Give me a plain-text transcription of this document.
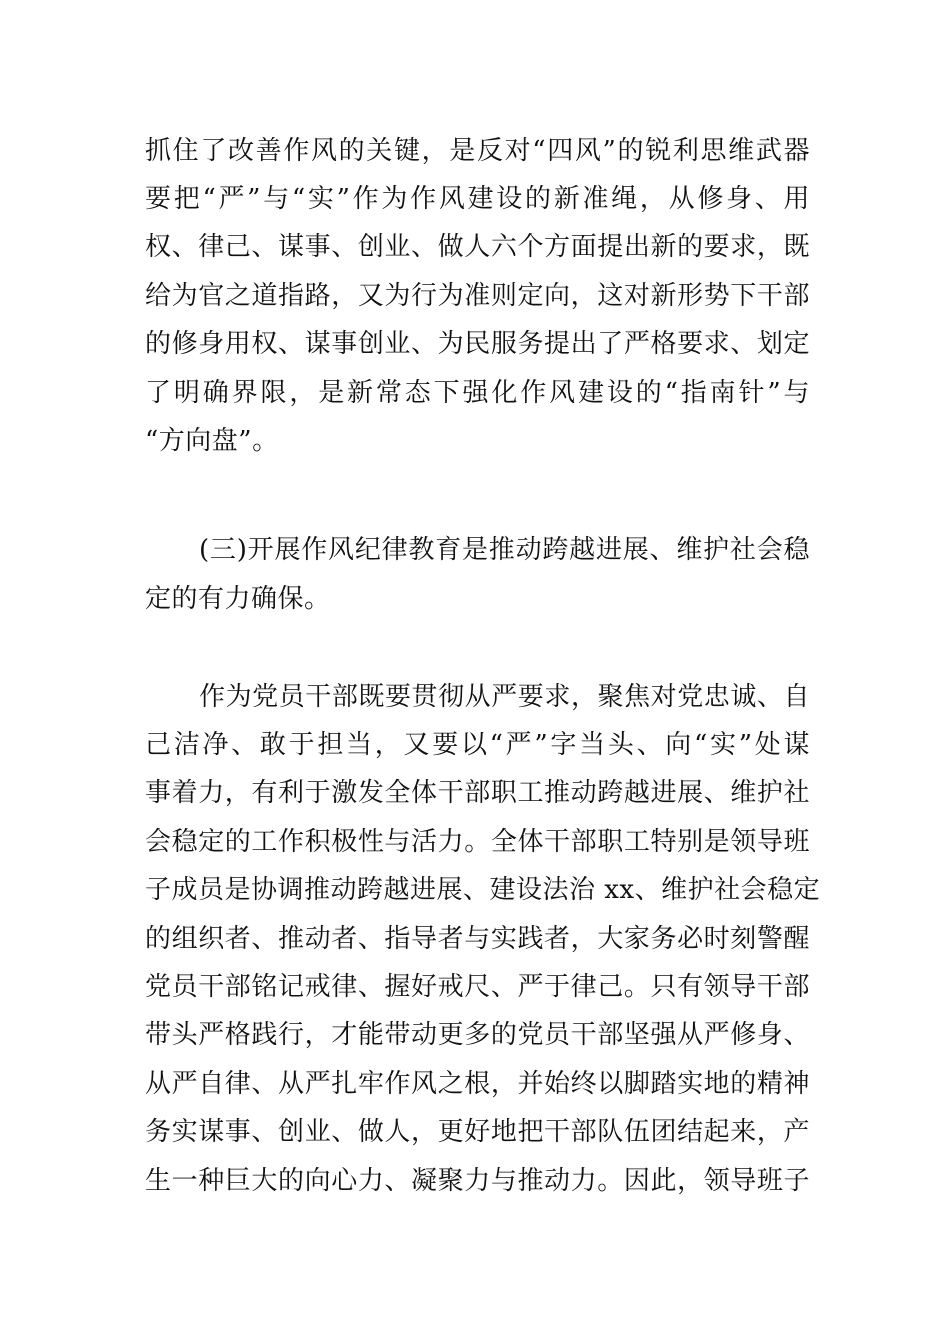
抓住了改善作风的关键，是反对“四风”的锐利思维武器
要把“严”与“实”作为作风建设的新准绳，从修身、用
权、律己、谋事、创业、做人六个方面提出新的要求，既
给为官之道指路，又为行为准则定向，这对新形势下干部
的修身用权、谋事创业、为民服务提出了严格要求、划定
了明确界限，是新常态下强化作风建设的“指南针”与
“方向盘”。
(三)开展作风纪律教育是推动跨越进展、维护社会稳
定的有力确保。
作为党员干部既要贯彻从严要求，聚焦对党忠诚、自
己洁净、敢于担当，又要以“严”字当头、向“实”处谋
事着力，有利于激发全体干部职工推动跨越进展、维护社
会稳定的工作积极性与活力。全体干部职工特别是领导班
子成员是协调推动跨越进展、建设法治 xx、维护社会稳定
的组织者、推动者、指导者与实践者，大家务必时刻警醒
党员干部铭记戒律、握好戒尺、严于律己。只有领导干部
带头严格践行，才能带动更多的党员干部坚强从严修身、
从严自律、从严扎牢作风之根，并始终以脚踏实地的精神
务实谋事、创业、做人，更好地把干部队伍团结起来，产
生一种巨大的向心力、凝聚力与推动力。因此，领导班子
